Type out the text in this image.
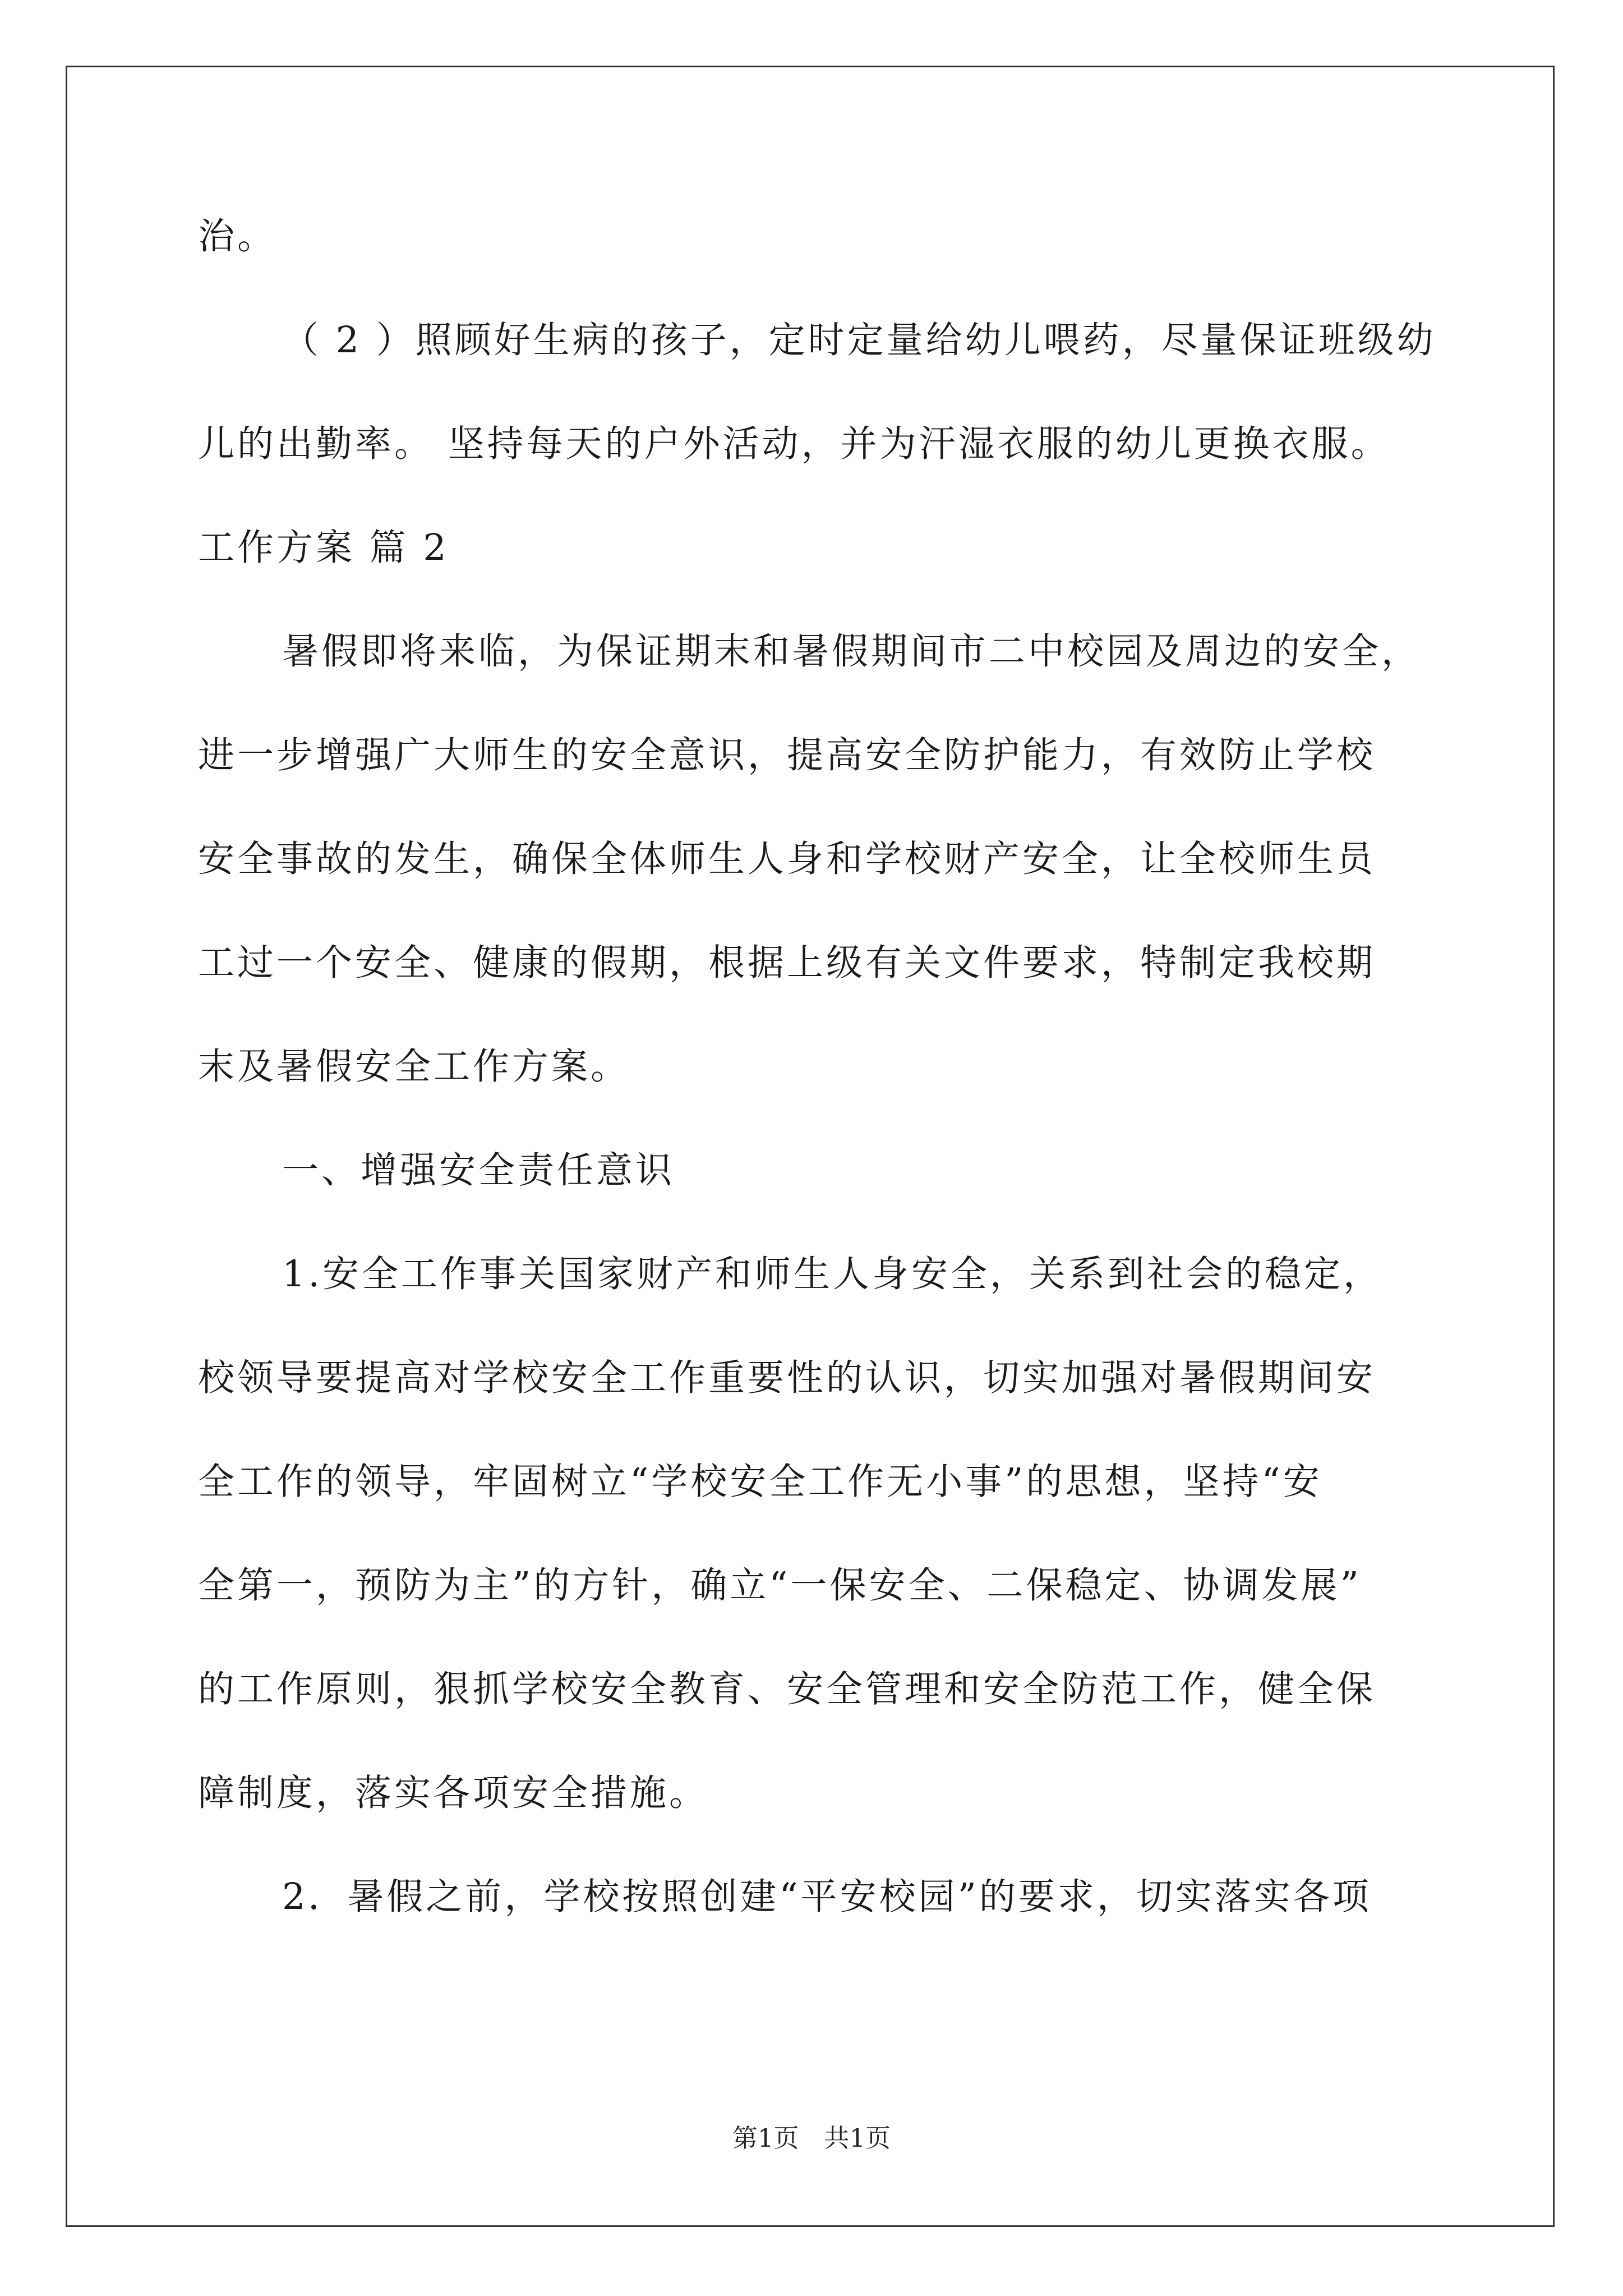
治。
（ 2 ）照顾好生病的孩子，定时定量给幼儿喂药，尽量保证班级幼
儿的出勤率。 坚持每天的户外活动，并为汗湿衣服的幼儿更换衣服。
工作方案 篇 2
暑假即将来临，为保证期末和暑假期间市二中校园及周边的安全，
进一步增强广大师生的安全意识，提高安全防护能力，有效防止学校
安全事故的发生，确保全体师生人身和学校财产安全，让全校师生员
工过一个安全、健康的假期，根据上级有关文件要求，特制定我校期
末及暑假安全工作方案。
一、增强安全责任意识
1.安全工作事关国家财产和师生人身安全，关系到社会的稳定，
校领导要提高对学校安全工作重要性的认识，切实加强对暑假期间安
全工作的领导，牢固树立“学校安全工作无小事”的思想，坚持“安
全第一，预防为主”的方针，确立“一保安全、二保稳定、协调发展”
的工作原则，狠抓学校安全教育、安全管理和安全防范工作，健全保
障制度，落实各项安全措施。
2．暑假之前，学校按照创建“平安校园”的要求，切实落实各项
第1页　共1页
